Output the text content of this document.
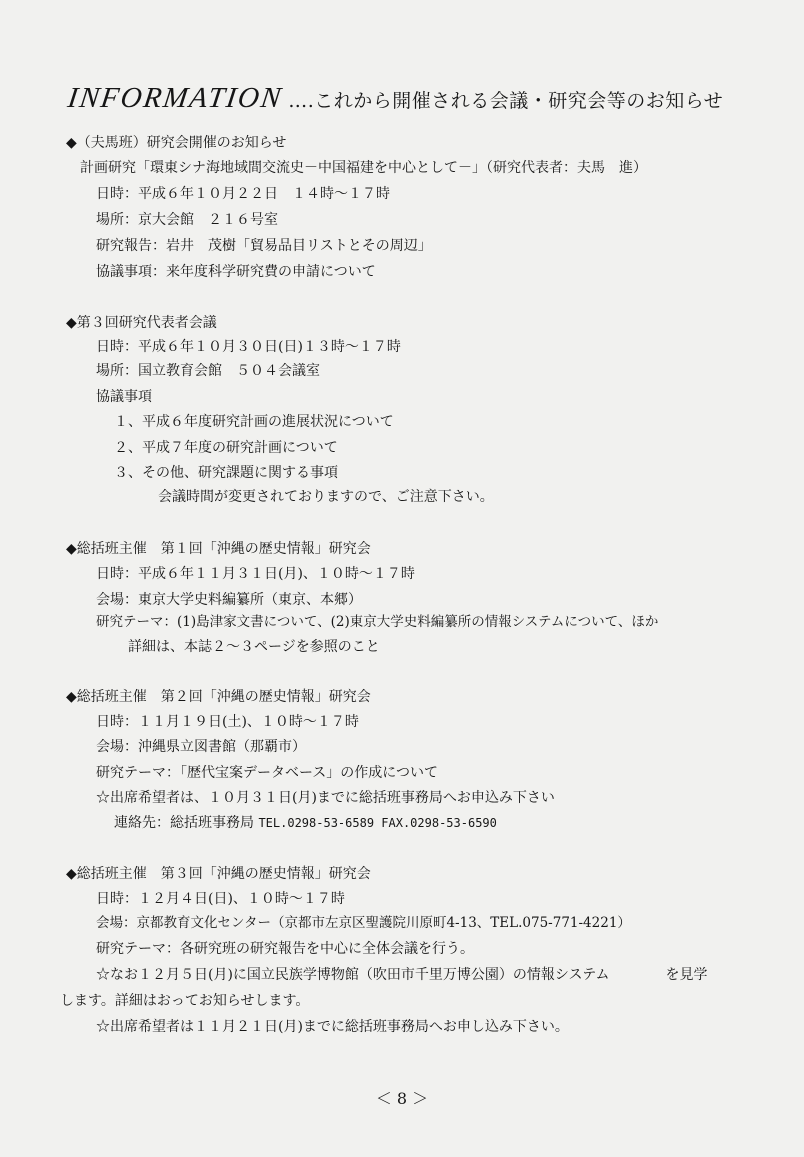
INFORMATION ….これから開催される会議・研究会等のお知らせ
◆（夫馬班）研究会開催のお知らせ
計画研究「環東シナ海地域間交流史－中国福建を中心として－」（研究代表者：夫馬　進）
日時：平成６年１０月２２日　１４時～１７時
場所：京大会館　２１６号室
研究報告：岩井　茂樹「貿易品目リストとその周辺」
協議事項：来年度科学研究費の申請について
◆第３回研究代表者会議
日時：平成６年１０月３０日(日)１３時～１７時
場所：国立教育会館　５０４会議室
協議事項
１、平成６年度研究計画の進展状況について
２、平成７年度の研究計画について
３、その他、研究課題に関する事項
会議時間が変更されておりますので、ご注意下さい。
◆総括班主催　第１回「沖縄の歴史情報」研究会
日時：平成６年１１月３１日(月)、１０時～１７時
会場：東京大学史料編纂所（東京、本郷）
研究テーマ：(1)島津家文書について、(2)東京大学史料編纂所の情報システムについて、ほか
詳細は、本誌２～３ページを参照のこと
◆総括班主催　第２回「沖縄の歴史情報」研究会
日時：１１月１９日(土)、１０時～１７時
会場：沖縄県立図書館（那覇市）
研究テーマ：「歴代宝案データベース」の作成について
☆出席希望者は、１０月３１日(月)までに総括班事務局へお申込み下さい
連絡先：総括班事務局 TEL.0298-53-6589 FAX.0298-53-6590
◆総括班主催　第３回「沖縄の歴史情報」研究会
日時：１２月４日(日)、１０時～１７時
会場：京都教育文化センター（京都市左京区聖護院川原町4-13、TEL.075-771-4221）
研究テーマ：各研究班の研究報告を中心に全体会議を行う。
☆なお１２月５日(月)に国立民族学博物館（吹田市千里万博公園）の情報システム　　　　を見学
します。詳細はおってお知らせします。
☆出席希望者は１１月２１日(月)までに総括班事務局へお申し込み下さい。
＜ 8 ＞
